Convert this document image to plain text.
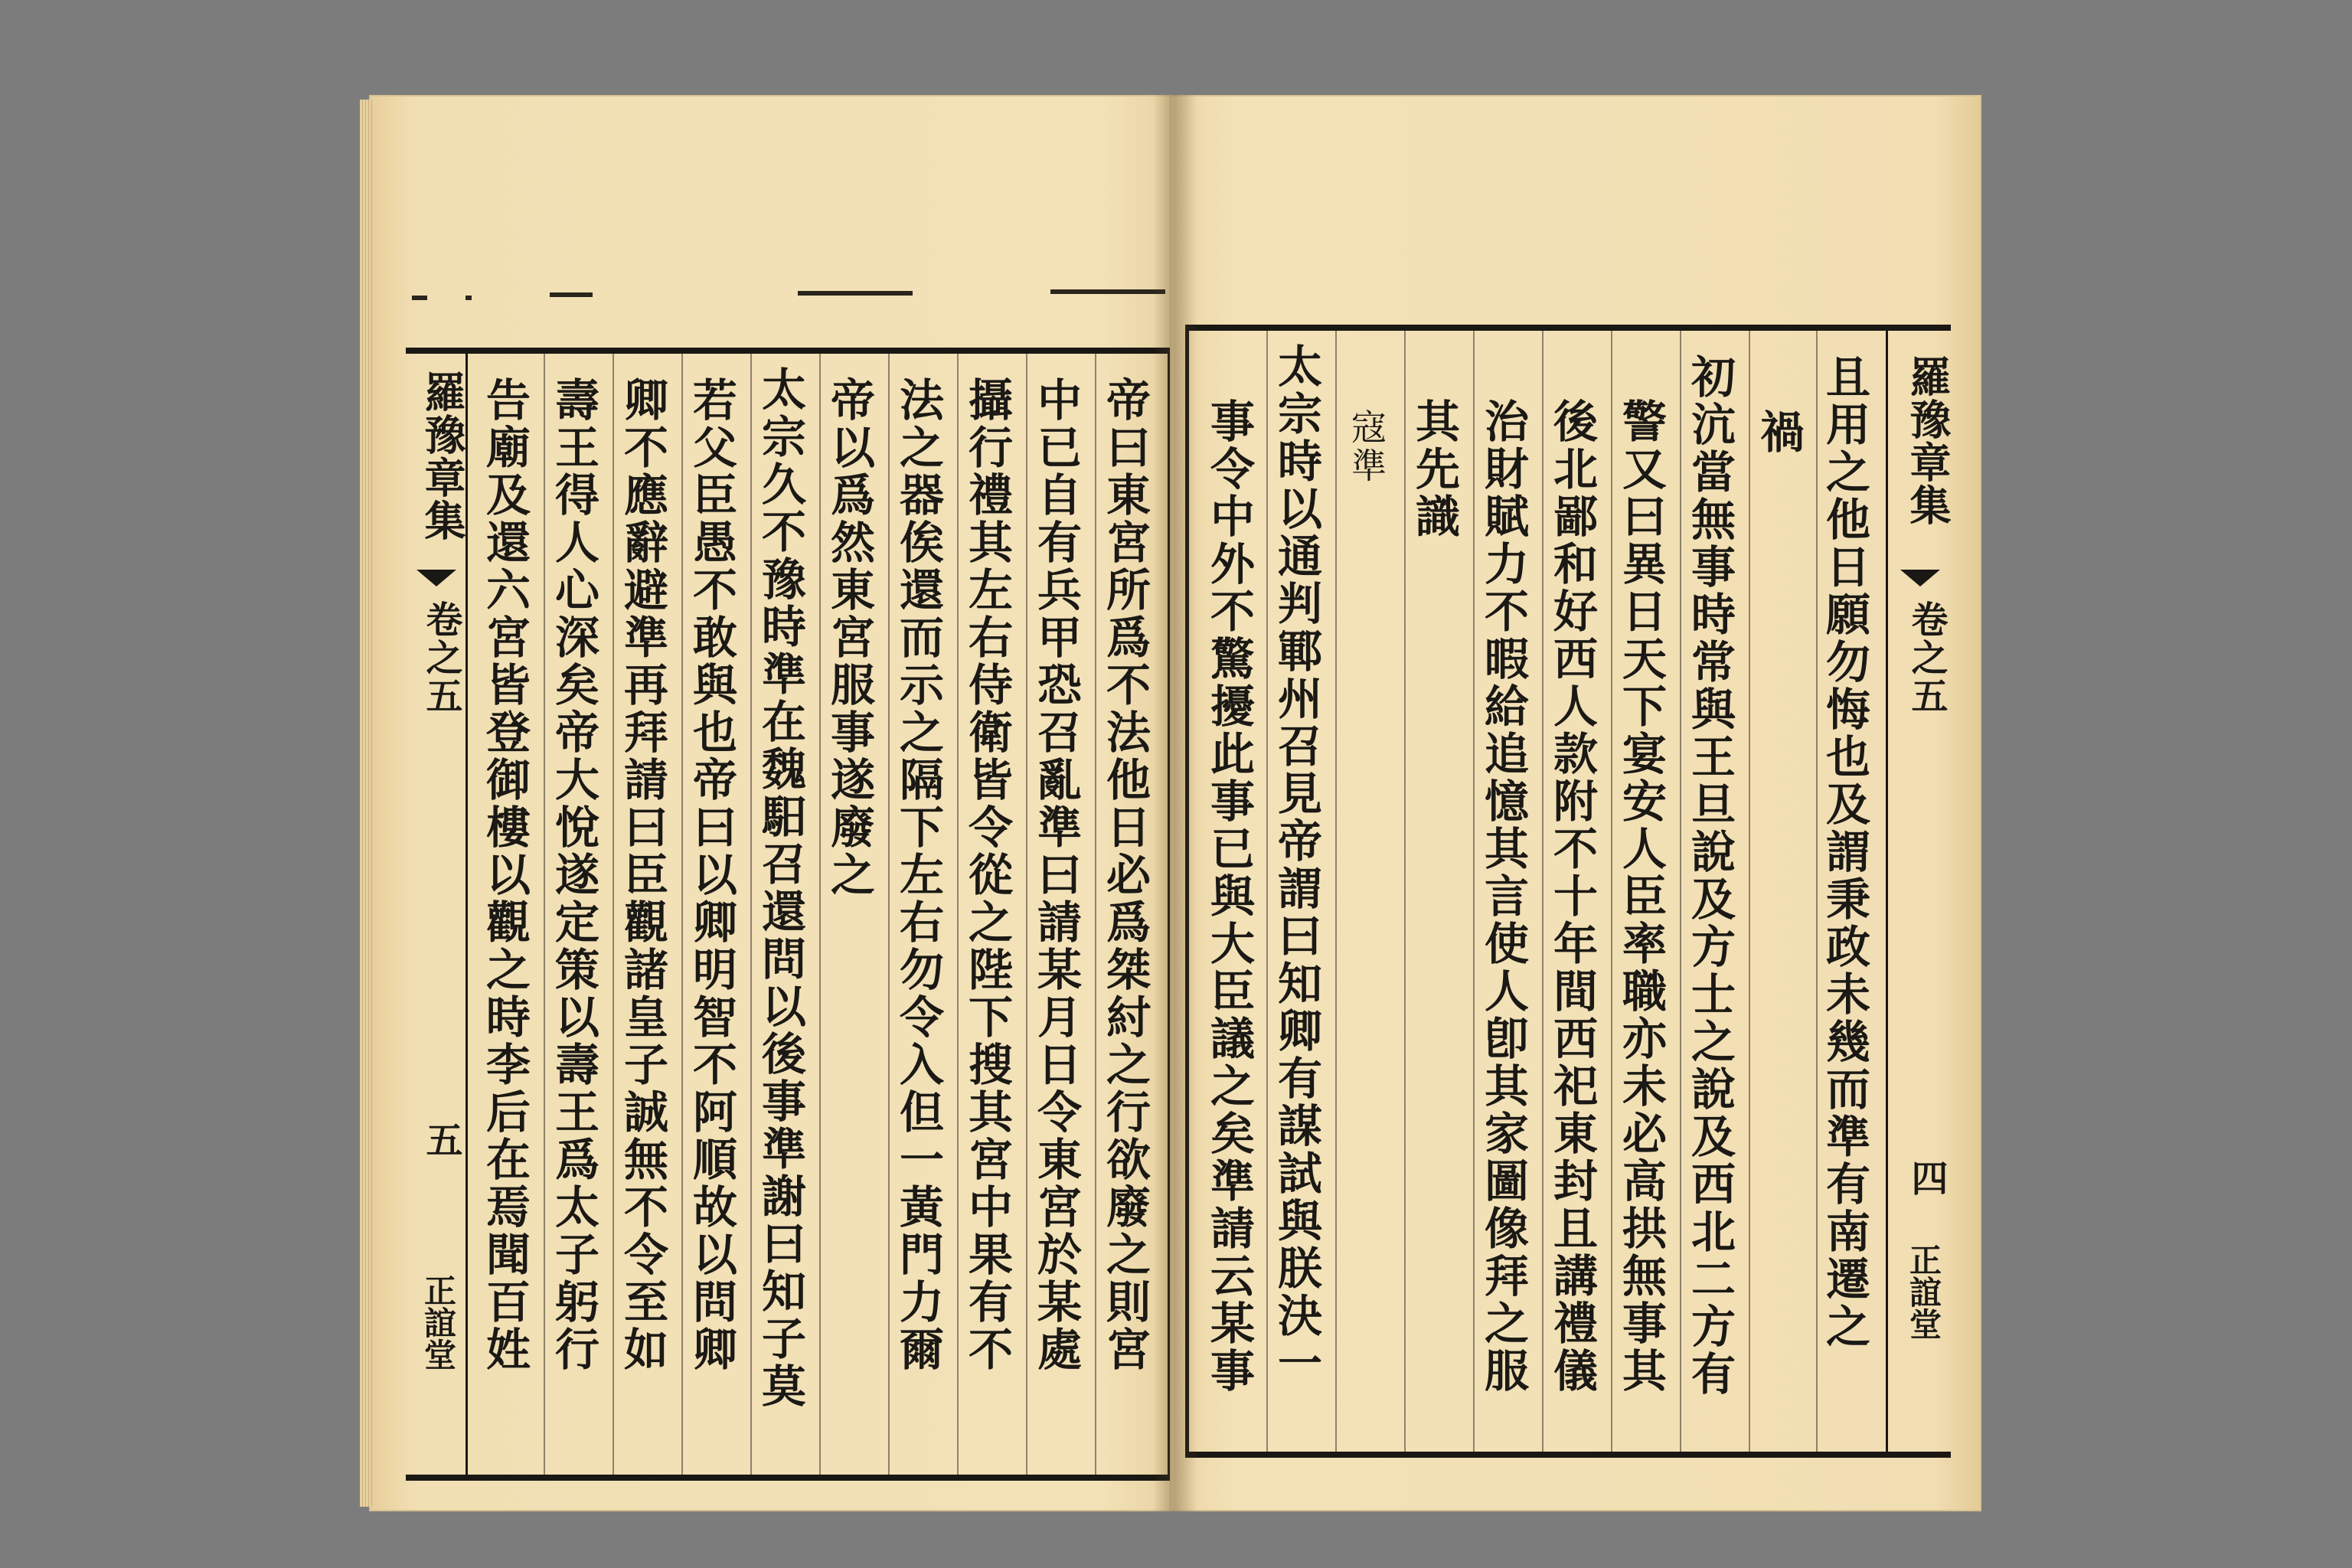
羅豫章集
卷之五
五
正誼堂	帝曰東宮所爲不法他日必爲桀紂之行欲廢之則宮
中已自有兵甲恐召亂準曰請某月日令東宮於某處
攝行禮其左右侍衛皆令從之陛下搜其宮中果有不
法之器俟還而示之隔下左右勿令入但一黃門力爾
帝以爲然東宮服事遂廢之
太宗久不豫時準在魏馹召還問以後事準謝曰知子莫
若父臣愚不敢與也帝曰以卿明智不阿順故以問卿
卿不應辭避準再拜請曰臣觀諸皇子誠無不令至如
壽王得人心深矣帝大悅遂定策以壽王爲太子躬行
告廟及還六宮皆登御樓以觀之時李后在焉聞百姓	羅豫章集
卷之五
四
正誼堂
且用之他日願勿悔也及謂秉政未幾而準有南遷之
禍
初沆當無事時常與王旦說及方士之說及西北二方有
警又曰異日天下宴安人臣率職亦未必高拱無事其
後北鄙和好西人款附不十年間西祀東封且講禮儀
治財賦力不暇給追憶其言使人卽其家圖像拜之服
其先識
寇準
太宗時以通判鄆州召見帝謂曰知卿有謀試與朕決一
事令中外不驚擾此事已與大臣議之矣準請云某事
